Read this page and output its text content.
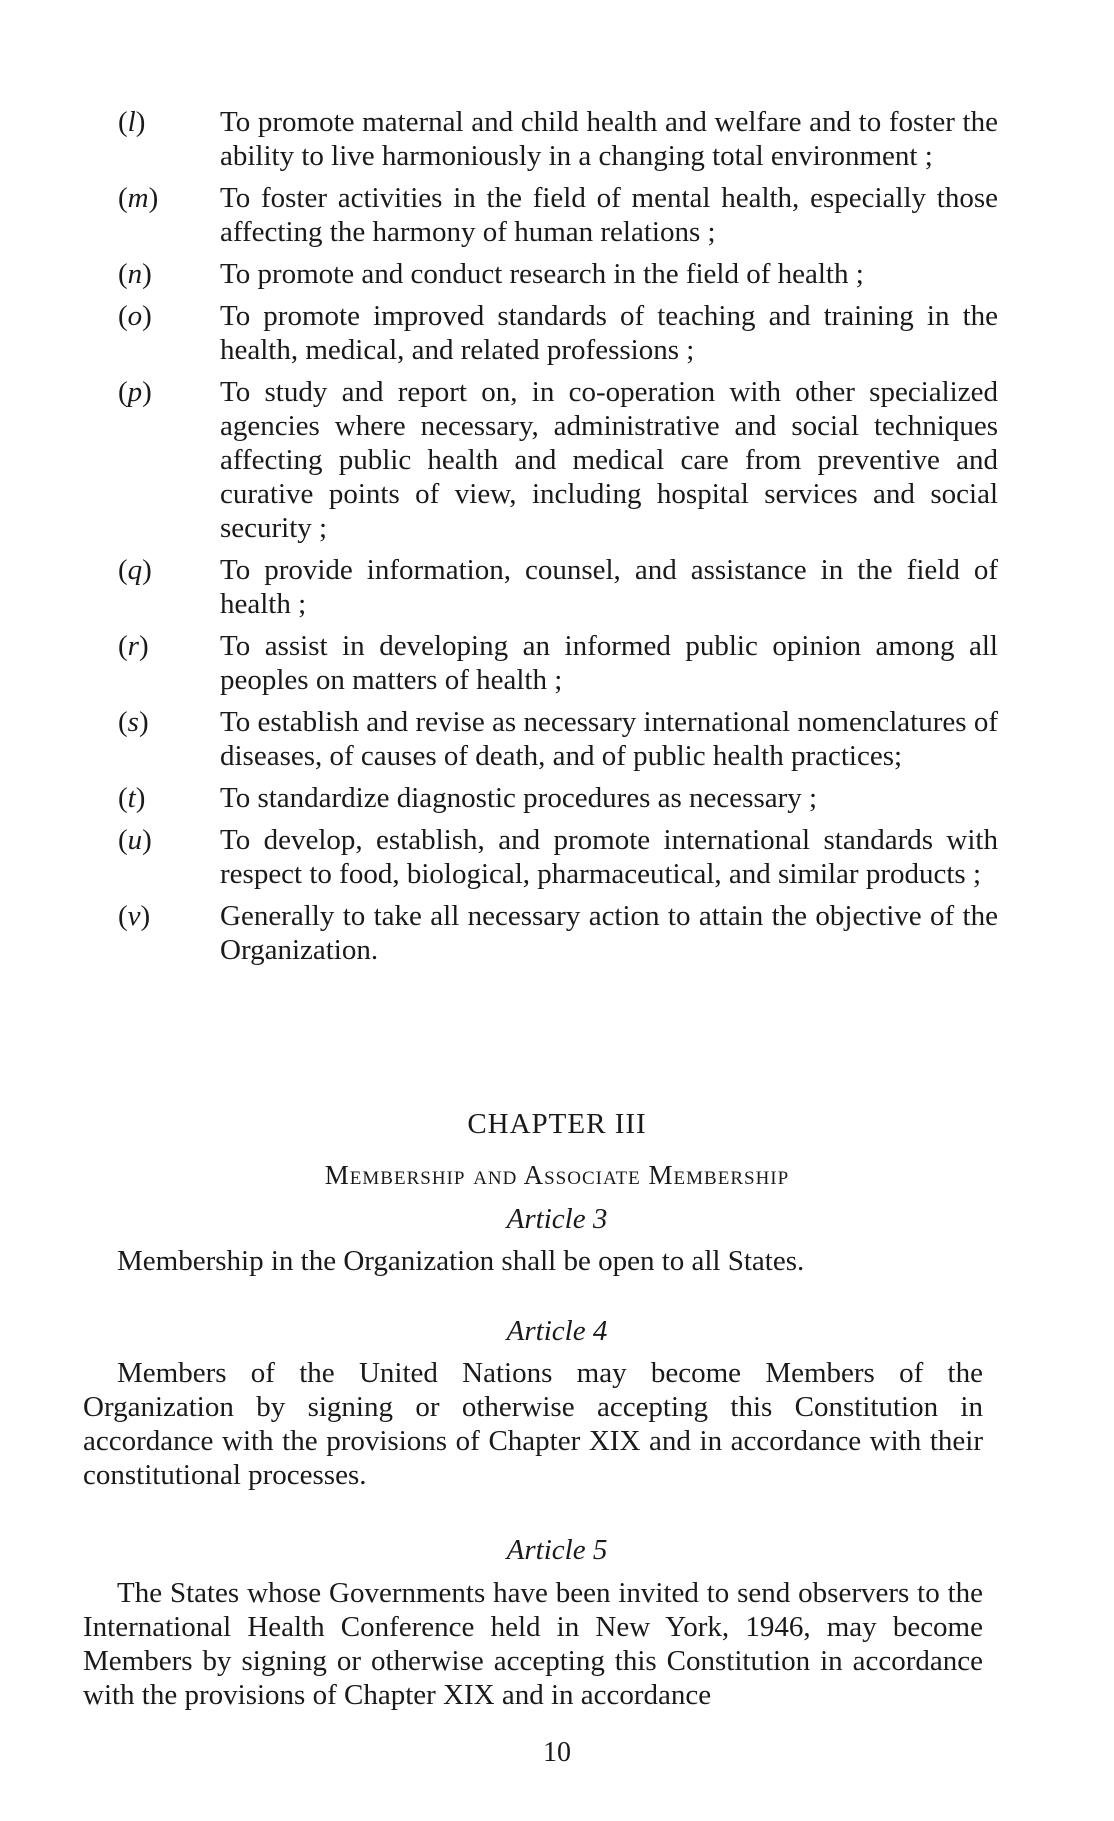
(l)	To promote maternal and child health and welfare and to foster the ability to live harmoniously in a changing total environment ;
(m)	To foster activities in the field of mental health, especially those affecting the harmony of human relations ;
(n)	To promote and conduct research in the field of health ;
(o)	To promote improved standards of teaching and training in the health, medical, and related professions ;
(p)	To study and report on, in co-operation with other specialized agencies where necessary, administrative and social techniques affecting public health and medical care from preventive and curative points of view, including hospital services and social security ;
(q)	To provide information, counsel, and assistance in the field of health ;
(r)	To assist in developing an informed public opinion among all peoples on matters of health ;
(s)	To establish and revise as necessary international nomenclatures of diseases, of causes of death, and of public health practices;
(t)	To standardize diagnostic procedures as necessary ;
(u)	To develop, establish, and promote international standards with respect to food, biological, pharmaceutical, and similar products ;
(v)	Generally to take all necessary action to attain the objective of the Organization.
CHAPTER III
Membership and Associate Membership
Article 3
Membership in the Organization shall be open to all States.
Article 4
Members of the United Nations may become Members of the Organization by signing or otherwise accepting this Constitution in accordance with the provisions of Chapter XIX and in accordance with their constitutional processes.
Article 5
The States whose Governments have been invited to send observers to the International Health Conference held in New York, 1946, may become Members by signing or otherwise accepting this Constitution in accordance with the provisions of Chapter XIX and in accordance
10
